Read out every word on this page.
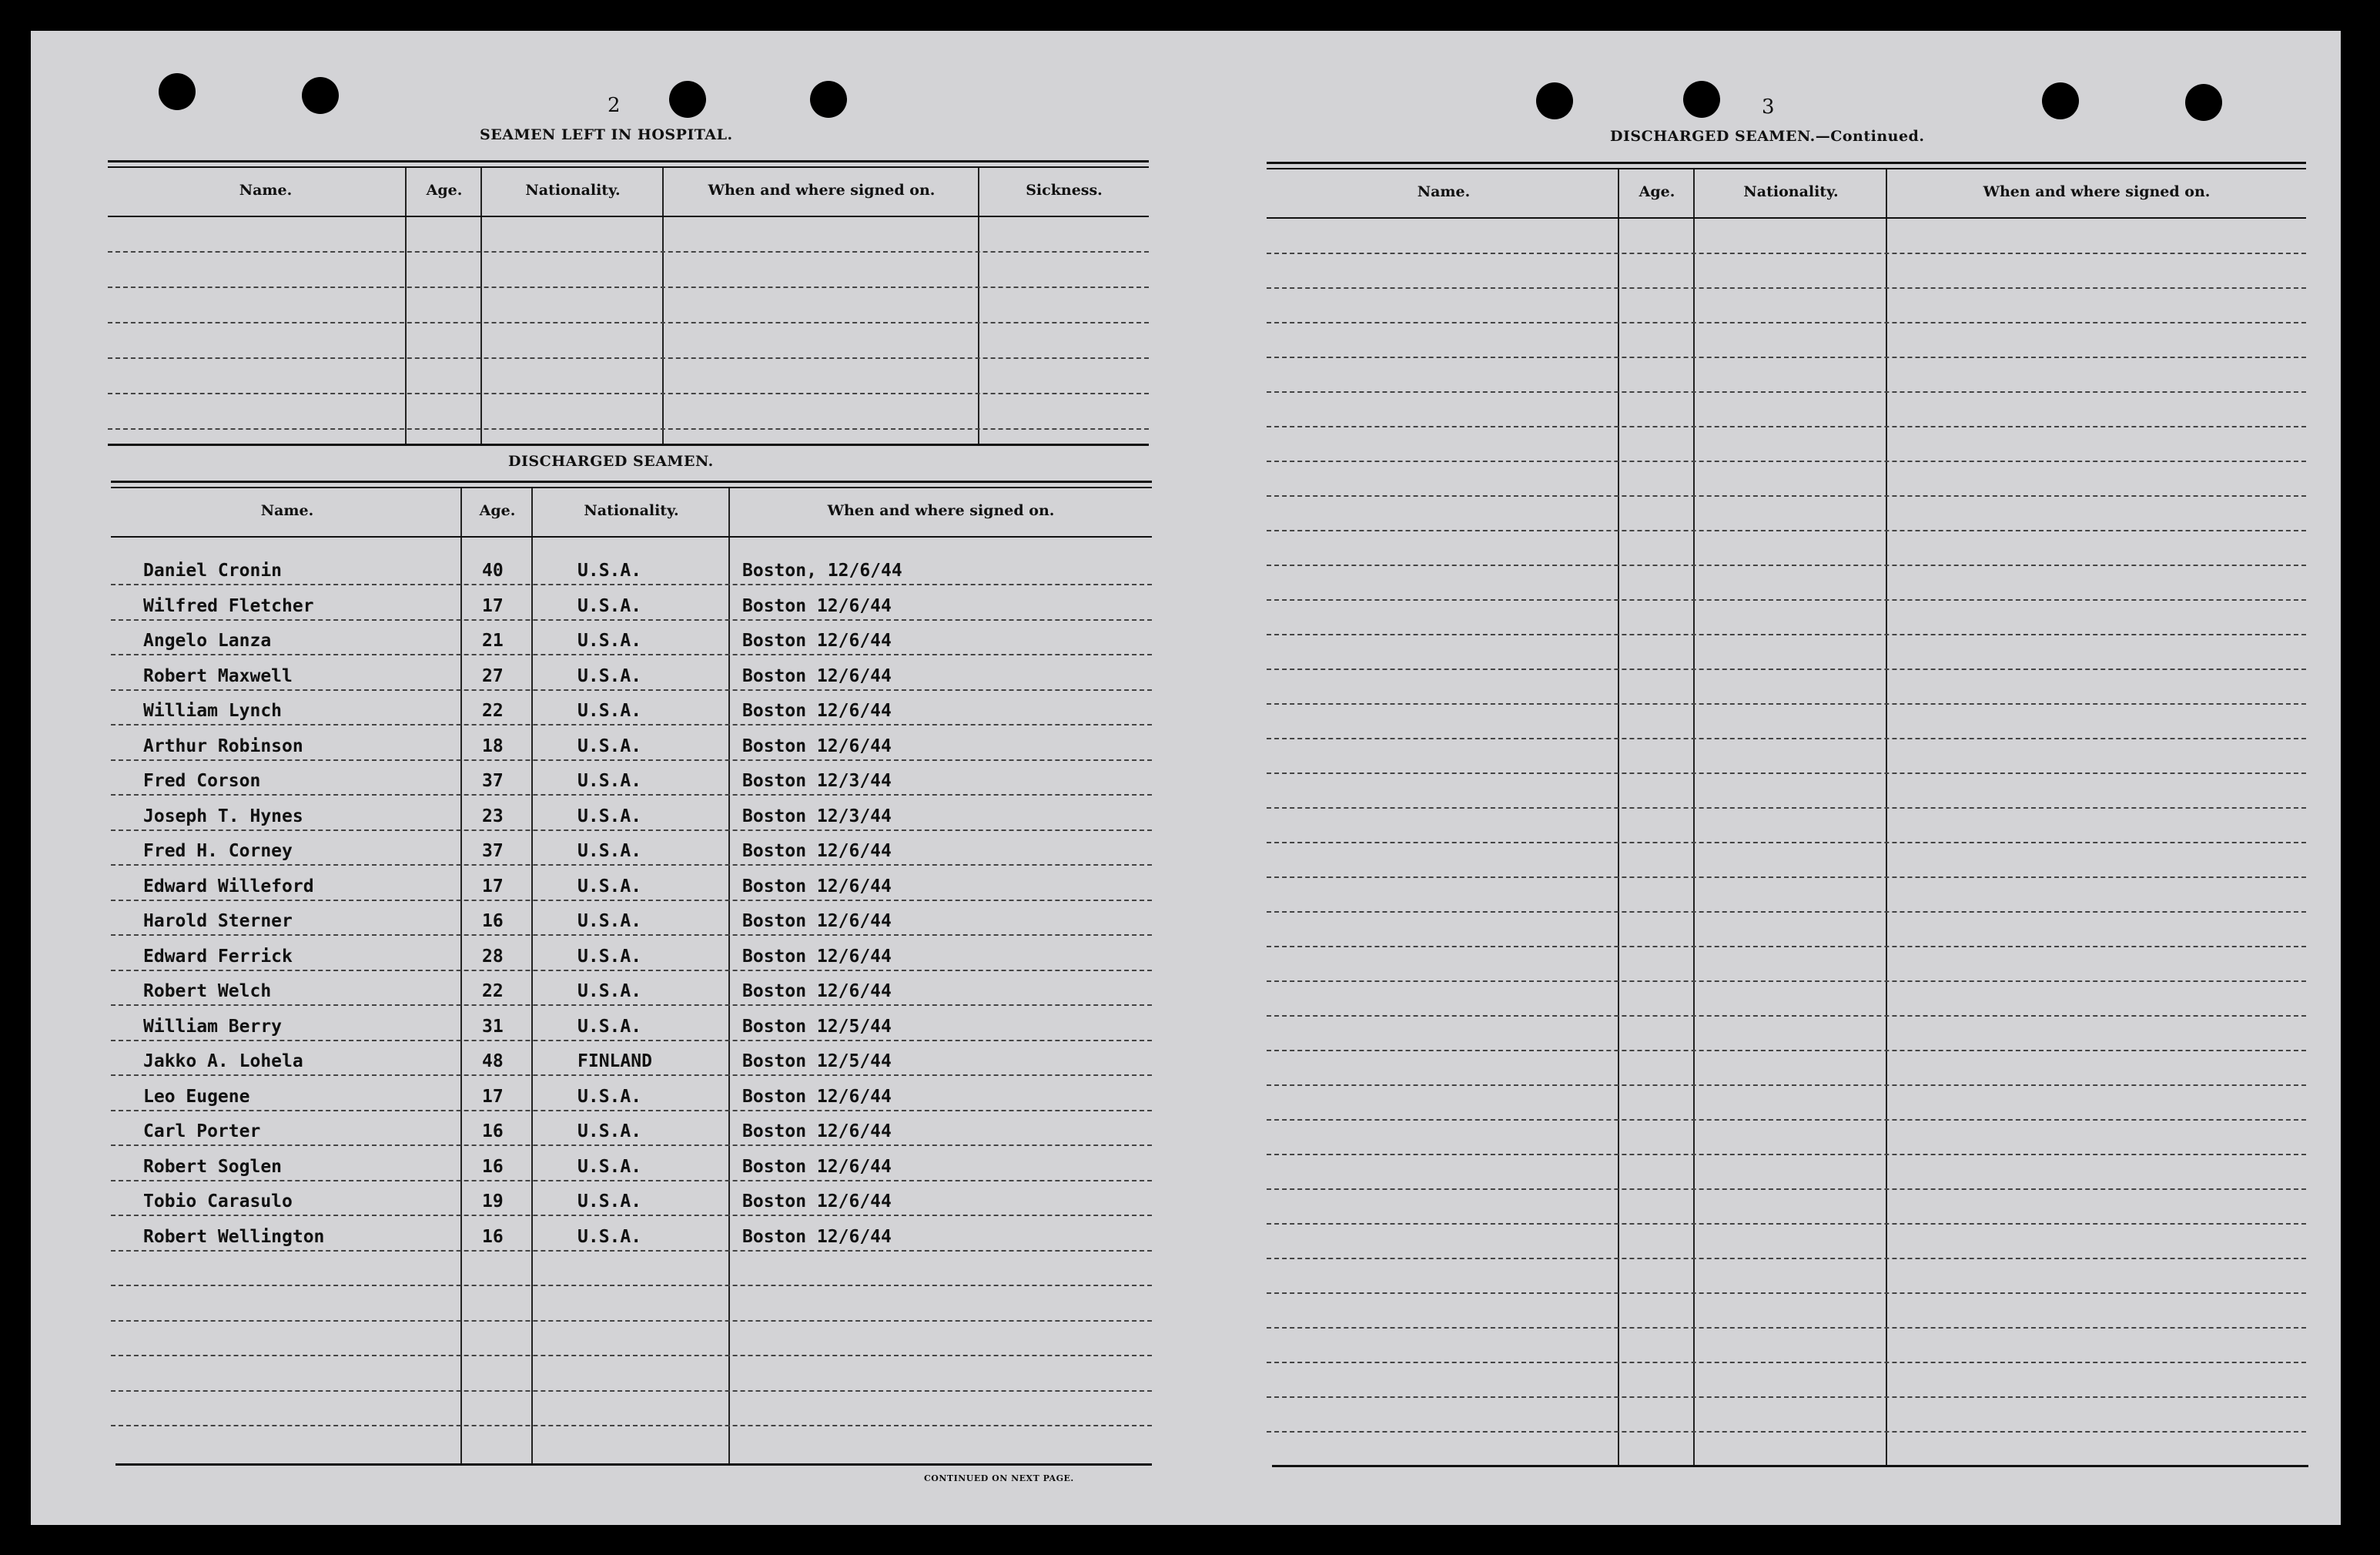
2
SEAMEN LEFT IN HOSPITAL.
Name.	Age.	Nationality.	When and where signed on.	Sickness.
DISCHARGED SEAMEN.
Name.	Age.	Nationality.	When and where signed on.
Daniel Cronin	40	U.S.A.	Boston, 12/6/44
Wilfred Fletcher	17	U.S.A.	Boston 12/6/44
Angelo Lanza	21	U.S.A.	Boston 12/6/44
Robert Maxwell	27	U.S.A.	Boston 12/6/44
William Lynch	22	U.S.A.	Boston 12/6/44
Arthur Robinson	18	U.S.A.	Boston 12/6/44
Fred Corson	37	U.S.A.	Boston 12/3/44
Joseph T. Hynes	23	U.S.A.	Boston 12/3/44
Fred H. Corney	37	U.S.A.	Boston 12/6/44
Edward Willeford	17	U.S.A.	Boston 12/6/44
Harold Sterner	16	U.S.A.	Boston 12/6/44
Edward Ferrick	28	U.S.A.	Boston 12/6/44
Robert Welch	22	U.S.A.	Boston 12/6/44
William Berry	31	U.S.A.	Boston 12/5/44
Jakko A. Lohela	48	FINLAND	Boston 12/5/44
Leo Eugene	17	U.S.A.	Boston 12/6/44
Carl Porter	16	U.S.A.	Boston 12/6/44
Robert Soglen	16	U.S.A.	Boston 12/6/44
Tobio Carasulo	19	U.S.A.	Boston 12/6/44
Robert Wellington	16	U.S.A.	Boston 12/6/44
CONTINUED ON NEXT PAGE.
3
DISCHARGED SEAMEN.—Continued.
Name.	Age.	Nationality.	When and where signed on.
